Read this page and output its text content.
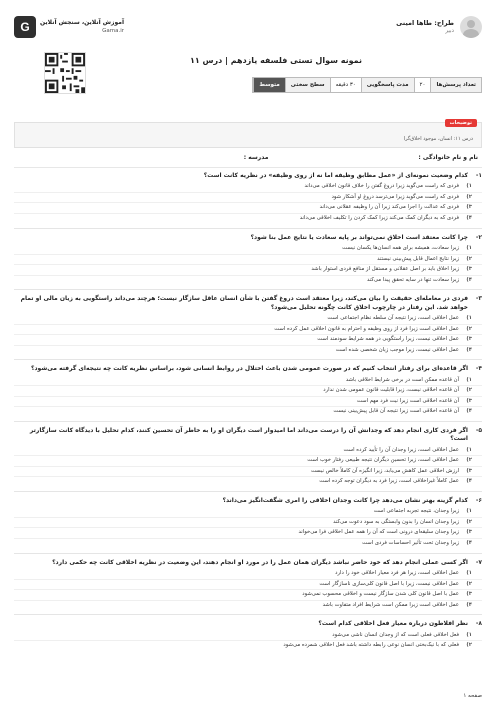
طراح: طاها امینی
دبیر
G	آموزش آنلاین، سنجش آنلاین
Gama.ir
نمونه سوال تستی فلسفه یازدهم | درس ۱۱
تعداد پرسش‌ها
۲۰
مدت پاسخگویی
۳۰ دقیقه
سطح سختی
متوسط
توضیحات
درس ۱۱: انسان، موجود اخلاق‌گرا
نام و نام خانوادگی :
مدرسه :
۱-
کدام وضعیت نمونه‌ای از «عمل مطابق وظیفه اما نه از روی وظیفه» در نظریه کانت است؟
۱)
فردی که راست می‌گوید زیرا دروغ گفتن را خلاف قانون اخلاقی می‌داند
۲)
فردی که راست می‌گوید زیرا می‌ترسد دروغ او آشکار شود
۳)
فردی که عدالت را اجرا می‌کند زیرا آن را وظیفه عقلانی می‌داند
۴)
فردی که به دیگران کمک می‌کند زیرا کمک کردن را تکلیف اخلاقی می‌داند
۲-
چرا کانت معتقد است اخلاق نمی‌تواند بر پایه سعادت یا نتایج عمل بنا شود؟
۱)
زیرا سعادت، همیشه برای همه انسان‌ها یکسان نیست
۲)
زیرا نتایج اعمال قابل پیش‌بینی نیستند
۳)
زیرا اخلاق باید بر اصل عقلانی و مستقل از منافع فردی استوار باشد
۴)
زیرا سعادت تنها در سایه تحقق پیدا می‌کند
۳-
فردی در معامله‌ای حقیقت را بیان می‌کند، زیرا معتقد است دروغ گفتن با شأن انسان عاقل سازگار نیست؛ هرچند می‌داند راستگویی به زیان مالی او تمام خواهد شد. این رفتار در چارچوب اخلاق کانت چگونه تحلیل می‌شود؟
۱)
عمل اخلاقی است، زیرا نتیجه آن سلطه نظام اجتماعی است
۲)
عمل اخلاقی است زیرا فرد از روی وظیفه و احترام به قانون اخلاقی عمل کرده است
۳)
عمل اخلاقی نیست، زیرا راستگویی در همه شرایط سودمند است
۴)
عمل اخلاقی نیست، زیرا موجب زیان شخصی شده است
۴-
اگر قاعده‌ای برای رفتار انتخاب کنیم که در صورت عمومی شدن باعث اختلال در روابط انسانی شود، براساس نظریه کانت چه نتیجه‌ای گرفته می‌شود؟
۱)
آن قاعده ممکن است در برخی شرایط اخلاقی باشد
۲)
آن قاعده اخلاقی نیست، زیرا قابلیت قانون عمومی شدن ندارد
۳)
آن قاعده اخلاقی است زیرا نیت فرد مهم است
۴)
آن قاعده اخلاقی است زیرا نتیجه آن قابل پیش‌بینی نیست
۵-
اگر فردی کاری انجام دهد که وجدانش آن را درست می‌داند اما امیدوار است دیگران او را به خاطر آن تحسین کنند، کدام تحلیل با دیدگاه کانت سازگارتر است؟
۱)
عمل اخلاقی است، زیرا وجدان آن را تأیید کرده است
۲)
عمل اخلاقی است، زیرا تحسین دیگران نتیجه طبیعی رفتار خوب است
۳)
ارزش اخلاقی عمل کاهش می‌یابد، زیرا انگیزه آن کاملاً خالص نیست
۴)
عمل کاملاً غیراخلاقی است، زیرا فرد به دیگران توجه کرده است
۶-
کدام گزینه بهتر نشان می‌دهد چرا کانت وجدان اخلاقی را امری شگفت‌انگیز می‌داند؟
۱)
زیرا وجدان، نتیجه تجربه اجتماعی است
۲)
زیرا وجدان انسان را بدون وابستگی به سود دعوت می‌کند
۳)
زیرا وجدان سلیقه‌ای درونی است که آن را همه عمل اخلاقی فرا می‌خواند
۴)
زیرا وجدان تحت تأثیر احساسات فردی است
۷-
اگر کسی عملی انجام دهد که خود حاضر نباشد دیگران همان عمل را در مورد او انجام دهند، این وضعیت در نظریه اخلاقی کانت چه حکمی دارد؟
۱)
عمل اخلاقی است، زیرا هر فرد معیار اخلاقی خود را دارد
۲)
عمل اخلاقی نیست، زیرا با اصل قانون کلی‌سازی ناسازگار است
۳)
عمل با اصل قانون کلی شدن سازگار نیست و اخلاقی محسوب نمی‌شود
۴)
عمل اخلاقی است زیرا ممکن است شرایط افراد متفاوت باشد
۸-
نظر افلاطون درباره معیار فعل اخلاقی کدام است؟
۱)
فعل اخلاقی فعلی است که از وجدان انسان ناشی می‌شود
۲)
فعلی که با نیک‌بختی انسان نوعی رابطه داشته باشد فعل اخلاقی شمرده می‌شود
صفحه ۱
